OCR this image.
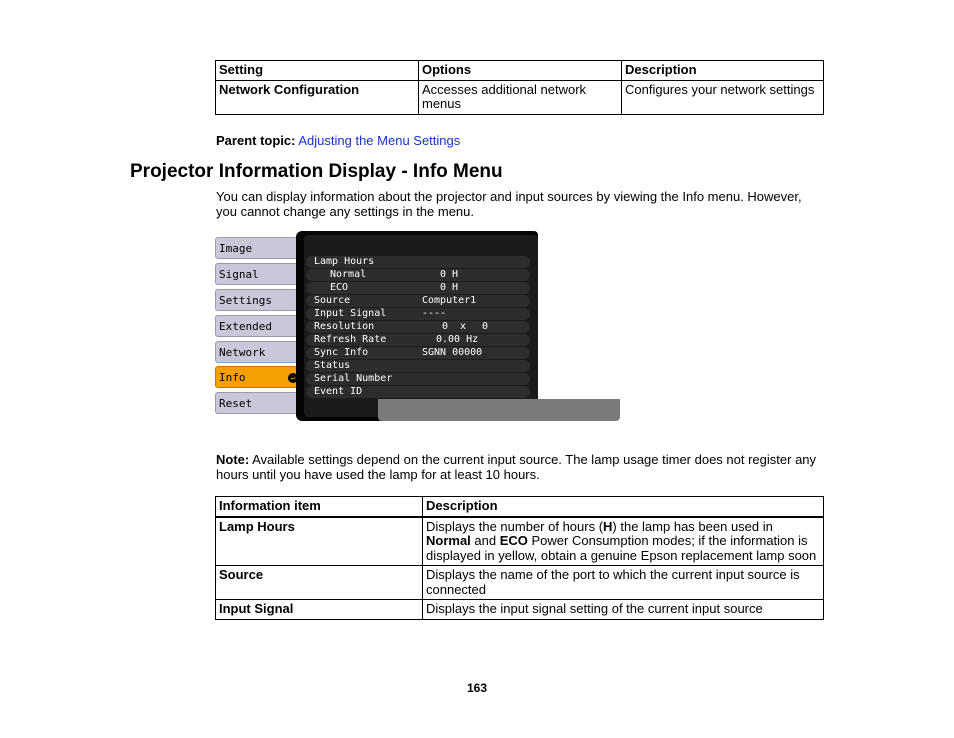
Setting	Options	Description
Network Configuration	Accesses additional network menus	Configures your network settings
Parent topic: Adjusting the Menu Settings
Projector Information Display - Info Menu

You can display information about the projector and input sources by viewing the Info menu. However, you cannot change any settings in the menu.

Image
Signal
Settings
Extended
Network
Info	↵
Reset
Lamp Hours
Normal	0 H
ECO	0 H
Source	Computer1
Input Signal	----
Resolution	0  x 0
Refresh Rate	0.00 Hz
Sync Info	SGNN 00000
Status
Serial Number
Event ID

Note: Available settings depend on the current input source. The lamp usage timer does not register any hours until you have used the lamp for at least 10 hours.

Information item	Description
Lamp Hours	Displays the number of hours (H) the lamp has been used in Normal and ECO Power Consumption modes; if the information is displayed in yellow, obtain a genuine Epson replacement lamp soon
Source	Displays the name of the port to which the current input source is connected
Input Signal	Displays the input signal setting of the current input source
163
